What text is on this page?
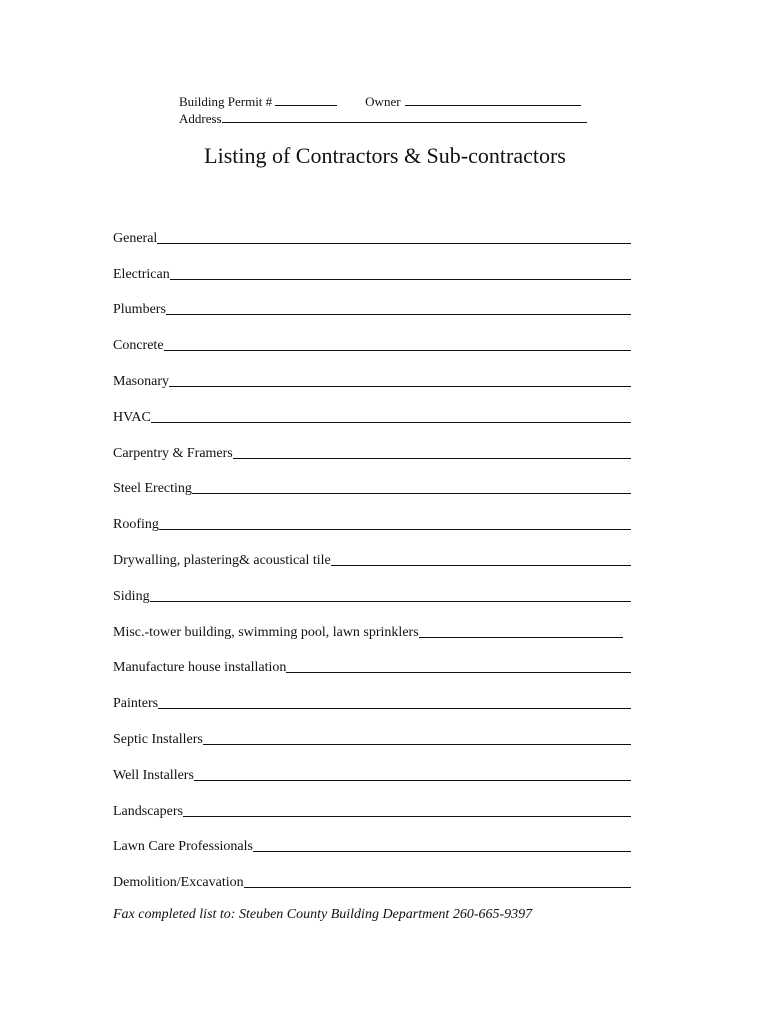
Building Permit #	Owner
Address
Listing of Contractors & Sub-contractors
General
Electrican
Plumbers
Concrete
Masonary
HVAC
Carpentry & Framers
Steel Erecting
Roofing
Drywalling, plastering& acoustical tile
Siding
Misc.-tower building, swimming pool, lawn sprinklers
Manufacture house installation
Painters
Septic Installers
Well Installers
Landscapers
Lawn Care Professionals
Demolition/Excavation
Fax completed list to: Steuben County Building Department 260-665-9397
